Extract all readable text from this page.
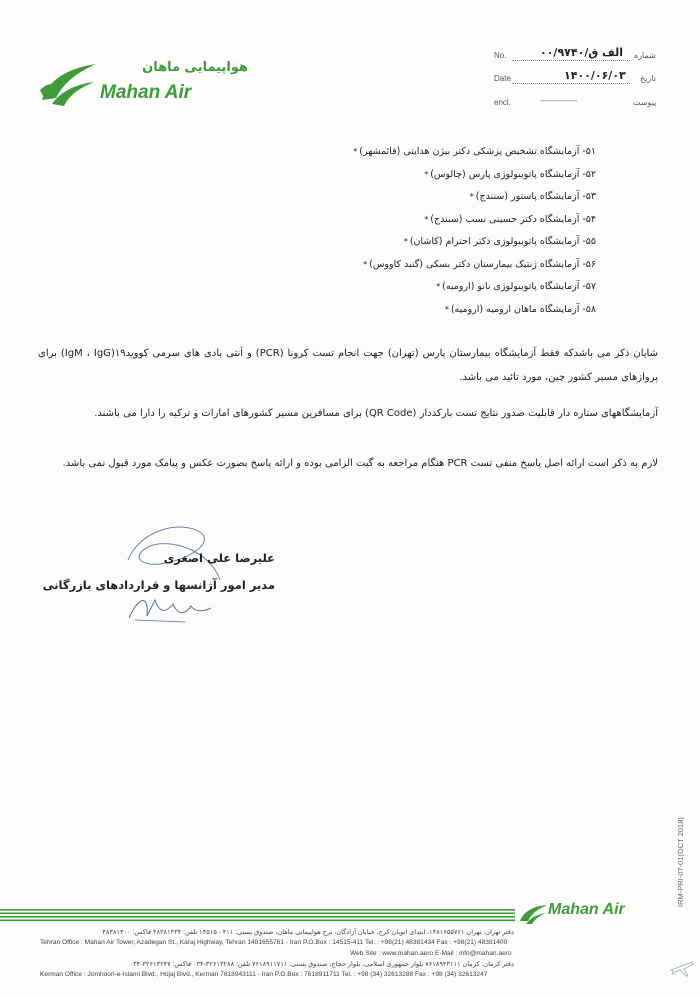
هواپیمایی ماهان
Mahan Air
No.	شماره
الف ق/۰۰/۹۷۴۰
Date	تاریخ
۱۴۰۰/۰۶/۰۳
encl.	پیوست
--------------
۵۱-آزمایشگاه تشخیص پزشکی دکتر بیژن هدایتی (قائمشهر)*
۵۲-آزمایشگاه پاتوبیولوژی پارس (چالوس)*
۵۳-آزمایشگاه پاستور (سنندج)*
۵۴-آزمایشگاه دکتر حسینی نسب (سنندج)*
۵۵-آزمایشگاه پاتوبیولوژی دکتر احترام (کاشان)*
۵۶-آزمایشگاه ژنتیک بیمارستان دکتر بسکی (گنبد کاووس)*
۵۷-آزمایشگاه پاتوبیولوژی نانو (ارومیه)*
۵۸-آزمایشگاه ماهان ارومیه (ارومیه)*

شایان ذکر می باشدکه فقط آزمایشگاه بیمارستان پارس (تهران) جهت انجام تست کرونا (PCR) و آنتی بادی های سرمی کووید۱۹(IgM ، IgG) برای پروازهای مسیر کشور چین، مورد تائید می باشد.

آزمایشگاههای ستاره دار قابلیت صدور نتایج تست بارکددار (QR Code) برای مسافرین مسیر کشورهای امارات و ترکیه را دارا می باشند.

لازم به ذکر است ارائه اصل پاسخ منفی تست PCR هنگام مراجعه به گیت الزامی بوده و ارائه پاسخ بصورت عکس و پیامک مورد قبول نمی باشد.

علیرضا علی اصغری
مدیر امور آژانسها و قراردادهای بازرگانی
IRM-PRI-07-01(OCT 2018)
Mahan Air
دفتر تهران: تهران ۱۴۸۱۶۵۵۷۶۱، ابتدای اتوبان کرج، خیابان آزادگان، برج هواپیمایی ماهان، صندوق پستی: ۴۱۱ - ۱۴۵۱۵ تلفن: ۴۸۳۸۱۴۳۴ فاکس: ۴۸۳۸۱۴۰۰
Tehran Office : Mahan Air Tower, Azadegan St., Karaj Highway, Tehran 1481655761 - Iran P.O.Box : 14515-411 Tel. : +98(21) 48381434 Fax : +98(21) 48381400
Web Site : www.mahan.aero E-Mail : info@mahan.aero
دفتر کرمان: کرمان ۷۶۱۸۹۴۳۱۱۱ بلوار جمهوری اسلامی، بلوار حجاج، صندوق پستی: ۷۶۱۸۹۱۱۷۱۱ تلفن: ۳۲۶۱۳۲۸۸-۰۳۴ فاکس: ۳۲۶۱۳۲۴۷-۰۳۴
Kerman Office : Jomhoori-e-Islami Blvd., Hojaj Blvd., Kerman 7618943111 - Iran P.O.Box : 7618911711 Tel. : +98 (34) 32613288 Fax : +98 (34) 32613247
